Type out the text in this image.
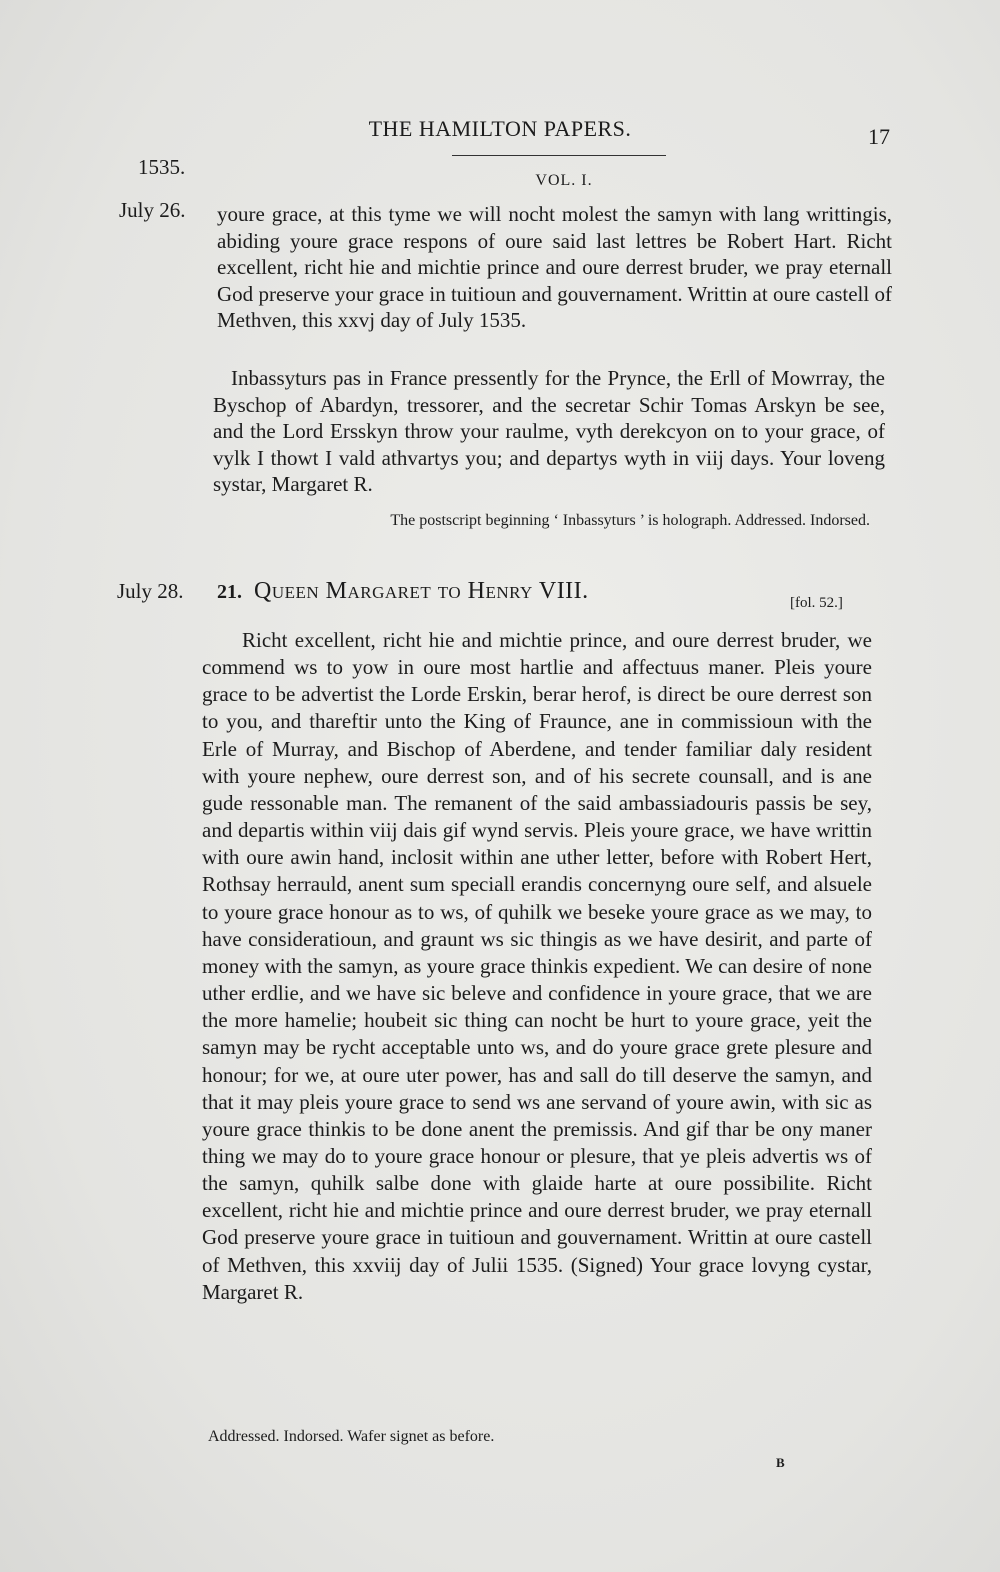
THE HAMILTON PAPERS.	17
VOL. I.
1535.
July 26. youre grace, at this tyme we will nocht molest the samyn with lang writtingis, abiding youre grace respons of oure said last lettres be Robert Hart. Richt excellent, richt hie and michtie prince and oure derrest bruder, we pray eternall God preserve your grace in tuitioun and gouvernament. Writtin at oure castell of Methven, this xxvj day of July 1535.

Inbassyturs pas in France pressently for the Prynce, the Erll of Mowrray, the Byschop of Abardyn, tressorer, and the secretar Schir Tomas Arskyn be see, and the Lord Ersskyn throw your raulme, vyth derekcyon on to your grace, of vylk I thowt I vald athvartys you; and departys wyth in viij days. Your loveng systar, Margaret R.

The postscript beginning ‘ Inbassyturs ’ is holograph. Addressed. Indorsed.
July 28. 21. Queen Margaret to Henry VIII.	[fol. 52.]

Richt excellent, richt hie and michtie prince, and oure derrest bruder, we commend ws to yow in oure most hartlie and affectuus maner. Pleis youre grace to be advertist the Lorde Erskin, berar herof, is direct be oure derrest son to you, and thareftir unto the King of Fraunce, ane in commissioun with the Erle of Murray, and Bischop of Aberdene, and tender familiar daly resident with youre nephew, oure derrest son, and of his secrete counsall, and is ane gude ressonable man. The remanent of the said ambassiadouris passis be sey, and departis within viij dais gif wynd servis. Pleis youre grace, we have writtin with oure awin hand, inclosit within ane uther letter, before with Robert Hert, Rothsay herrauld, anent sum speciall erandis concernyng oure self, and alsuele to youre grace honour as to ws, of quhilk we beseke youre grace as we may, to have consideratioun, and graunt ws sic thingis as we have desirit, and parte of money with the samyn, as youre grace thinkis expedient. We can desire of none uther erdlie, and we have sic beleve and confidence in youre grace, that we are the more hamelie; houbeit sic thing can nocht be hurt to youre grace, yeit the samyn may be rycht acceptable unto ws, and do youre grace grete plesure and honour; for we, at oure uter power, has and sall do till deserve the samyn, and that it may pleis youre grace to send ws ane servand of youre awin, with sic as youre grace thinkis to be done anent the premissis. And gif thar be ony maner thing we may do to youre grace honour or plesure, that ye pleis advertis ws of the samyn, quhilk salbe done with glaide harte at oure possibilite. Richt excellent, richt hie and michtie prince and oure derrest bruder, we pray eternall God preserve youre grace in tuitioun and gouvernament. Writtin at oure castell of Methven, this xxviij day of Julii 1535. (Signed) Your grace lovyng cystar, Margaret R.

Addressed. Indorsed. Wafer signet as before.
B
